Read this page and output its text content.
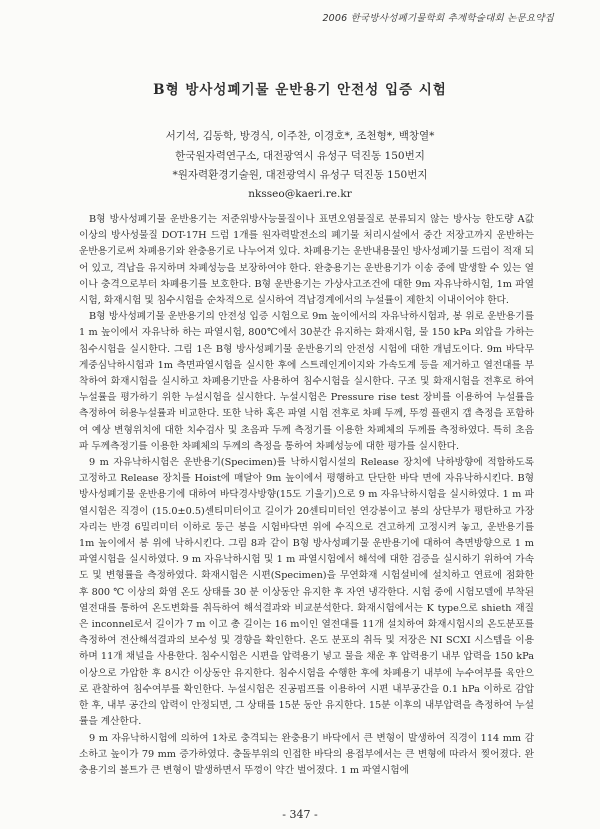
2006 한국방사성폐기물학회 추계학술대회 논문요약집
B형 방사성폐기물 운반용기 안전성 입증 시험
서기석, 김동학, 방경식, 이주찬, 이경호*, 조천형*, 백창열*
한국원자력연구소, 대전광역시 유성구 덕진동 150번지
*원자력환경기술원, 대전광역시 유성구 덕진동 150번지
nksseo@kaeri.re.kr

B형 방사성폐기물 운반용기는 저준위방사능물질이나 표면오염물질로 분류되지 않는 방사능 한도량 A값 이상의 방사성물질 DOT-17H 드럼 1개를 원자력발전소의 폐기물 처리시설에서 중간 저장고까지 운반하는 운반용기로써 차폐용기와 완충용기로 나누어져 있다. 차폐용기는 운반내용물인 방사성폐기물 드럼이 적재 되어 있고, 격납을 유지하며 차폐성능을 보장하여야 한다. 완충용기는 운반용기가 이송 중에 발생할 수 있는 열이나 충격으로부터 차폐용기를 보호한다. B형 운반용기는 가상사고조건에 대한 9m 자유낙하시험, 1m 파열시험, 화재시험 및 침수시험을 순차적으로 실시하여 격납경계에서의 누설률이 제한치 이내이어야 한다.

B형 방사성폐기물 운반용기의 안전성 입증 시험으로 9m 높이에서의 자유낙하시험과, 봉 위로 운반용기를 1 m 높이에서 자유낙하 하는 파열시험, 800℃에서 30분간 유지하는 화재시험, 물 150 kPa 외압을 가하는 침수시험을 실시한다. 그림 1은 B형 방사성폐기물 운반용기의 안전성 시험에 대한 개념도이다. 9m 바닥무게중심낙하시험과 1m 측면파열시험을 실시한 후에 스트레인게이지와 가속도계 등을 제거하고 열전대를 부착하여 화재시험을 실시하고 차폐용기만을 사용하여 침수시험을 실시한다. 구조 및 화재시험을 전후로 하여 누설률을 평가하기 위한 누설시험을 실시한다. 누설시험은 Pressure rise test 장비를 이용하여 누설률을 측정하여 허용누설률과 비교한다. 또한 낙하 혹은 파열 시험 전후로 차폐 두께, 뚜껑 플랜지 갭 측정을 포함하여 예상 변형위치에 대한 치수검사 및 초음파 두께 측정기를 이용한 차폐체의 두께를 측정하였다. 특히 초음파 두께측정기를 이용한 차폐체의 두께의 측정을 통하여 차폐성능에 대한 평가를 실시한다.

9 m 자유낙하시험은 운반용기(Specimen)를 낙하시험시설의 Release 장치에 낙하방향에 적합하도록 고정하고 Release 장치를 Hoist에 매달아 9m 높이에서 평행하고 단단한 바닥 면에 자유낙하시킨다. B형 방사성폐기물 운반용기에 대하여 바닥경사방향(15도 기울기)으로 9 m 자유낙하시험을 실시하였다. 1 m 파열시험은 직경이 (15.0±0.5)센티미터이고 길이가 20센티미터인 연강봉이고 봉의 상단부가 평탄하고 가장자리는 반경 6밀리미터 이하로 둥근 봉을 시험바닥면 위에 수직으로 견고하게 고정시켜 놓고, 운반용기를 1m 높이에서 봉 위에 낙하시킨다. 그림 8과 같이 B형 방사성폐기물 운반용기에 대하여 측면방향으로 1 m 파열시험을 실시하였다. 9 m 자유낙하시험 및 1 m 파열시험에서 해석에 대한 검증을 실시하기 위하여 가속도 및 변형률을 측정하였다. 화재시험은 시편(Specimen)을 무연화재 시험설비에 설치하고 연료에 점화한 후 800 ℃ 이상의 화염 온도 상태를 30 분 이상동안 유지한 후 자연 냉각한다. 시험 중에 시험모델에 부착된 열전대를 통하여 온도변화를 취득하여 해석결과와 비교분석한다. 화재시험에서는 K type으로 shieth 재질은 inconnel로서 길이가 7 m 이고 총 길이는 16 m이인 열전대를 11개 설치하여 화재시험시의 온도분포를 측정하여 전산해석결과의 보수성 및 경향을 확인한다. 온도 분포의 취득 및 저장은 NI SCXI 시스템을 이용하며 11개 채널을 사용한다. 침수시험은 시편을 압력용기 넣고 물을 채운 후 압력용기 내부 압력을 150 kPa이상으로 가압한 후 8시간 이상동안 유지한다. 침수시험을 수행한 후에 차폐용기 내부에 누수여부를 육안으로 관찰하여 침수여부를 확인한다. 누설시험은 진공펌프를 이용하여 시편 내부공간을 0.1 hPa 이하로 감압한 후, 내부 공간의 압력이 안정되면, 그 상태를 15분 동안 유지한다. 15분 이후의 내부압력을 측정하여 누설률을 계산한다.

9 m 자유낙하시험에 의하여 1차로 충격되는 완충용기 바닥에서 큰 변형이 발생하여 직경이 114 mm 감소하고 높이가 79 mm 증가하였다. 충돌부위의 인접한 바닥의 용접부에서는 큰 변형에 따라서 찢어졌다. 완충용기의 볼트가 큰 변형이 발생하면서 뚜껑이 약간 벌어졌다. 1 m 파열시험에

- 347 -
